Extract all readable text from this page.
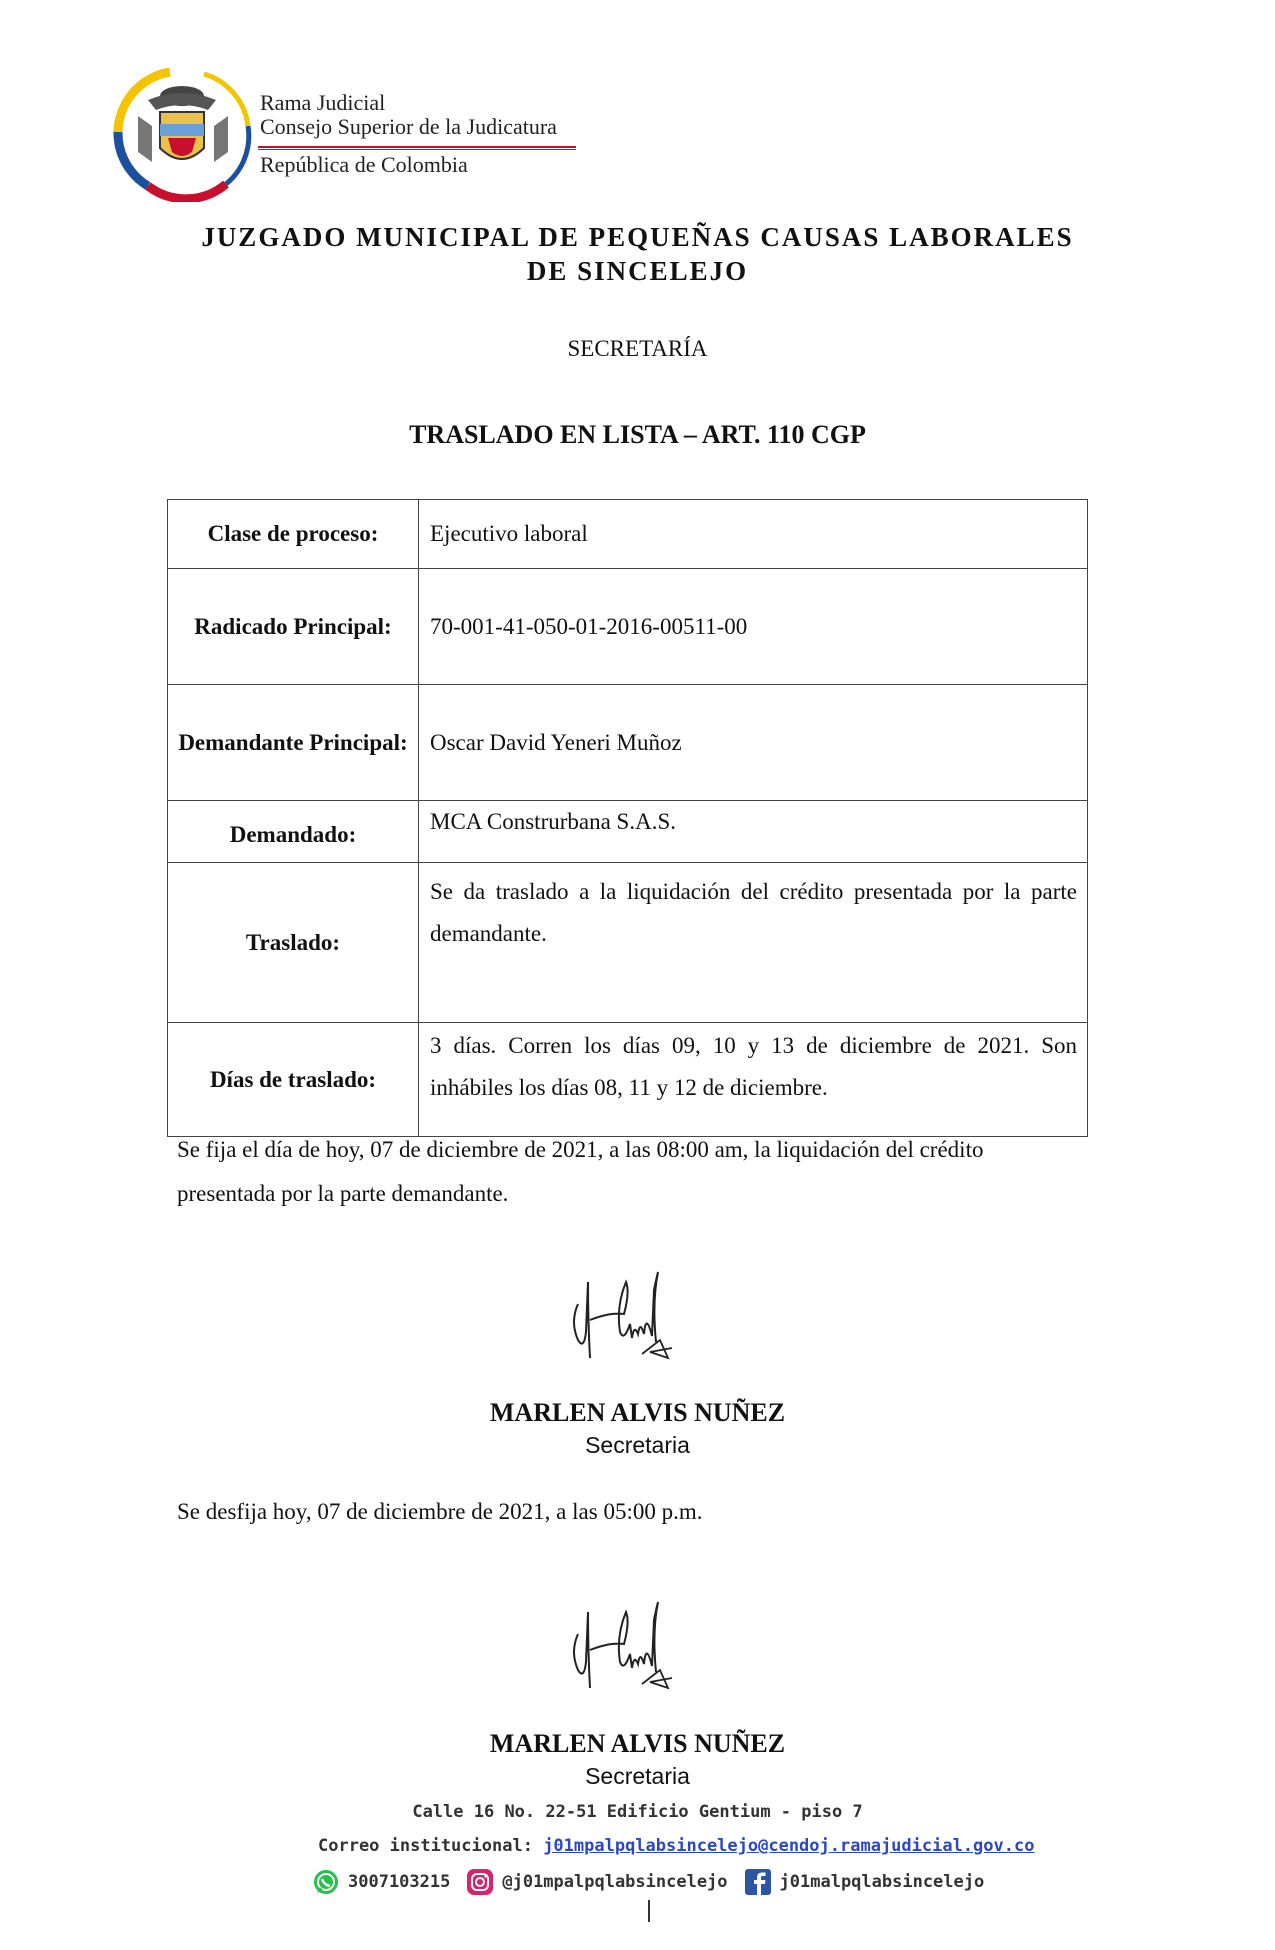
Rama Judicial
Consejo Superior de la Judicatura
República de Colombia
JUZGADO MUNICIPAL DE PEQUEÑAS CAUSAS LABORALES
DE SINCELEJO
SECRETARÍA
TRASLADO EN LISTA – ART. 110 CGP
Clase de proceso:	Ejecutivo laboral
Radicado Principal:	70-001-41-050-01-2016-00511-00
Demandante Principal:	Oscar David Yeneri Muñoz
Demandado:	MCA Construrbana S.A.S.
Traslado:	Se da traslado a la liquidación del crédito presentada por la parte demandante.
Días de traslado:	3 días. Corren los días 09, 10 y 13 de diciembre de 2021. Son inhábiles los días 08, 11 y 12 de diciembre.
Se fija el día de hoy, 07 de diciembre de 2021, a las 08:00 am, la liquidación del crédito presentada por la parte demandante.
MARLEN ALVIS NUÑEZ
Secretaria
Se desfija hoy, 07 de diciembre de 2021, a las 05:00 p.m.
MARLEN ALVIS NUÑEZ
Secretaria
Calle 16 No. 22-51 Edificio Gentium - piso 7
Correo institucional: j01mpalpqlabsincelejo@cendoj.ramajudicial.gov.co
3007103215	@j01mpalpqlabsincelejo	j01malpqlabsincelejo
